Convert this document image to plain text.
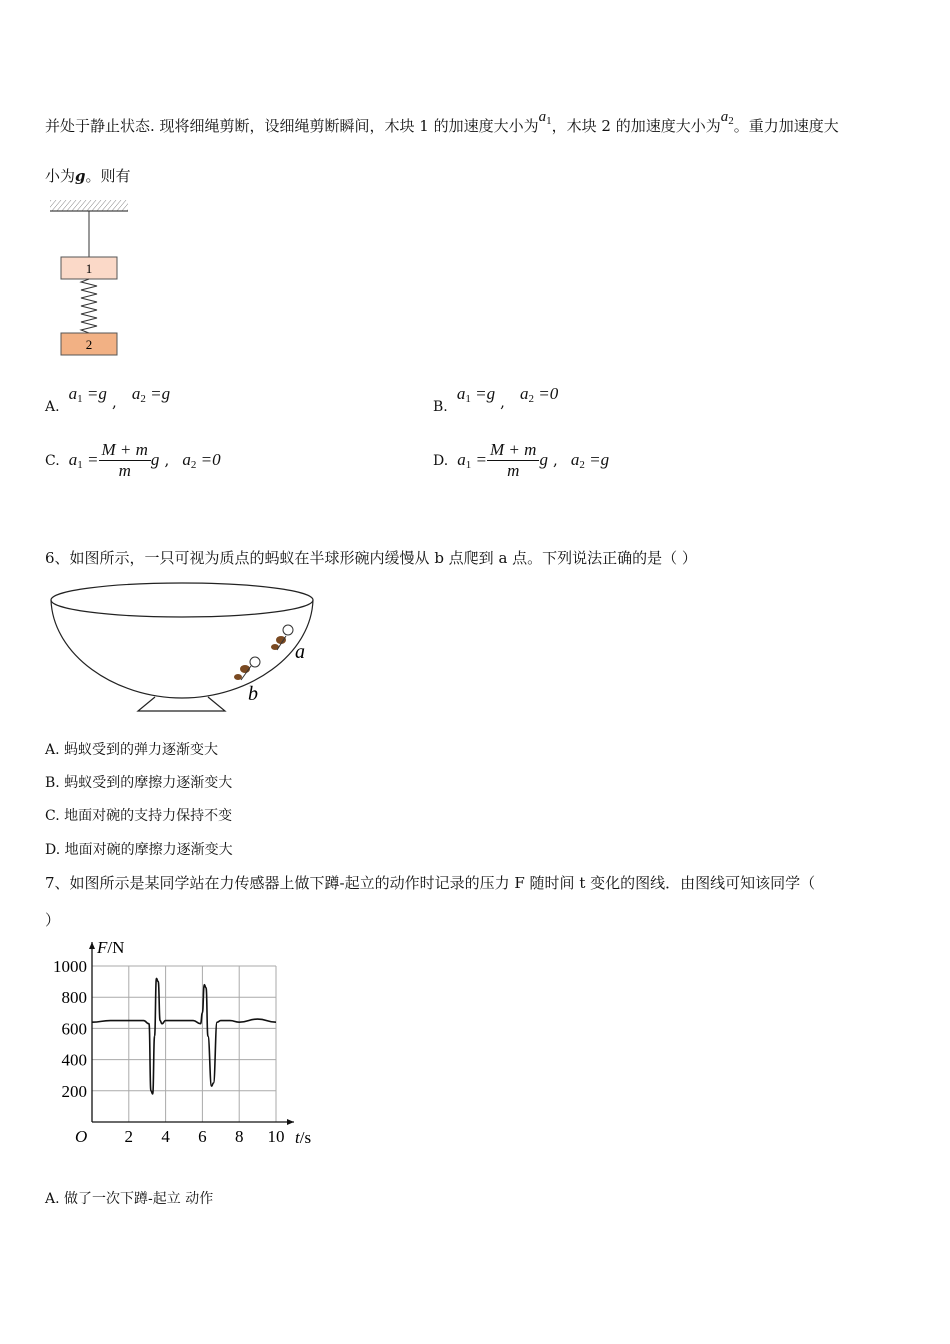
并处于静止状态. 现将细绳剪断，设细绳剪断瞬间，木块 1 的加速度大小为$a_1$，木块 2 的加速度大小为$a_2$。重力加速度大
小为g。则有
1
2
A. $a_1 =g$ , $a_2 =g$
B. $a_1 =g$ , $a_2 =0$
C. $a_1 = \frac{M + m}{m}$ g , $a_2 =0$	D. $a_1 = \frac{M + m}{m}$ g , $a_2 =g$
6、如图所示，一只可视为质点的蚂蚁在半球形碗内缓慢从 b 点爬到 a 点。下列说法正确的是（ ）
a
b
A. 蚂蚁受到的弹力逐渐变大
B. 蚂蚁受到的摩擦力逐渐变大
C. 地面对碗的支持力保持不变
D. 地面对碗的摩擦力逐渐变大
7、如图所示是某同学站在力传感器上做下蹲-起立的动作时记录的压力 F 随时间 t 变化的图线．由图线可知该同学（
）
2 4 6 8 10
200
400
600
800
1000
F/N
t/s
O
A. 做了一次下蹲-起立 动作
